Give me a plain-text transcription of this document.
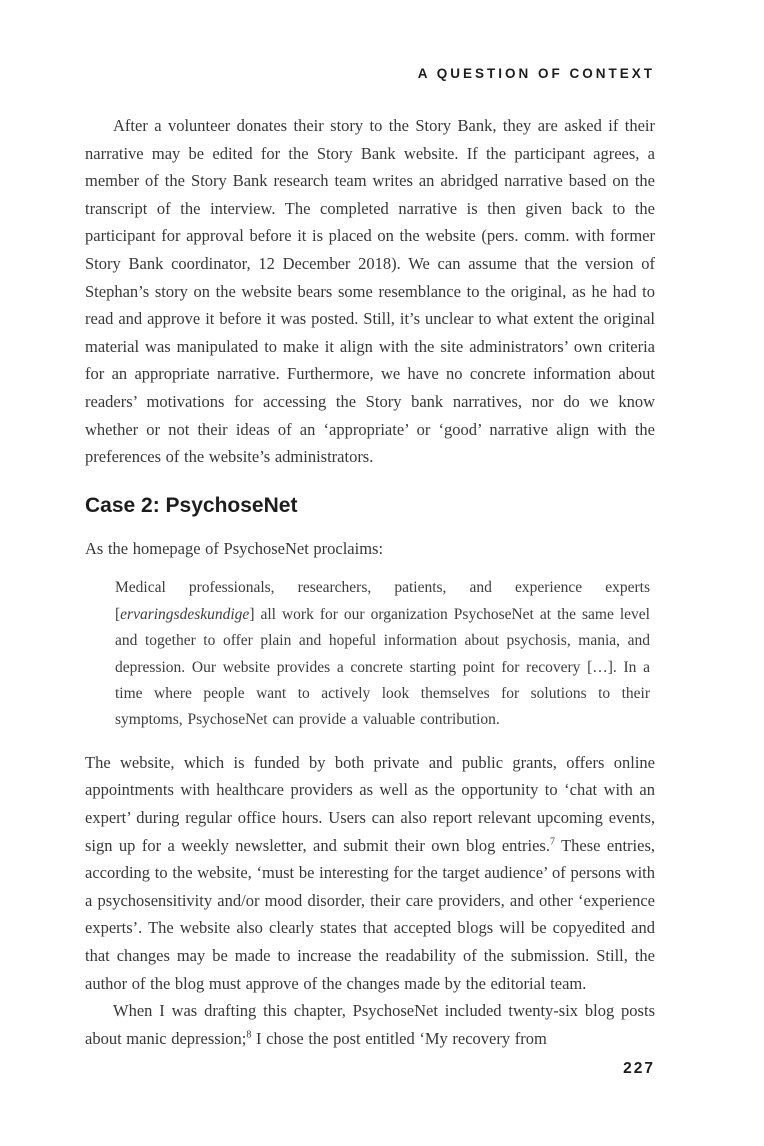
A QUESTION OF CONTEXT

After a volunteer donates their story to the Story Bank, they are asked if their narrative may be edited for the Story Bank website. If the participant agrees, a member of the Story Bank research team writes an abridged narrative based on the transcript of the interview. The completed narrative is then given back to the participant for approval before it is placed on the website (pers. comm. with former Story Bank coordinator, 12 December 2018). We can assume that the version of Stephan’s story on the website bears some resemblance to the original, as he had to read and approve it before it was posted. Still, it’s unclear to what extent the original material was manipulated to make it align with the site administrators’ own criteria for an appropriate narrative. Furthermore, we have no concrete information about readers’ motivations for accessing the Story bank narratives, nor do we know whether or not their ideas of an ‘appropriate’ or ‘good’ narrative align with the preferences of the website’s administrators.

Case 2: PsychoseNet

As the homepage of PsychoseNet proclaims:

Medical professionals, researchers, patients, and experience experts [ervaringsdeskundige] all work for our organization PsychoseNet at the same level and together to offer plain and hopeful information about psychosis, mania, and depression. Our website provides a concrete starting point for recovery […]. In a time where people want to actively look themselves for solutions to their symptoms, PsychoseNet can provide a valuable contribution.

The website, which is funded by both private and public grants, offers online appointments with healthcare providers as well as the opportunity to ‘chat with an expert’ during regular office hours. Users can also report relevant upcoming events, sign up for a weekly newsletter, and submit their own blog entries.$^7$ These entries, according to the website, ‘must be interesting for the target audience’ of persons with a psychosensitivity and/or mood disorder, their care providers, and other ‘experience experts’. The website also clearly states that accepted blogs will be copyedited and that changes may be made to increase the readability of the submission. Still, the author of the blog must approve of the changes made by the editorial team.

When I was drafting this chapter, PsychoseNet included twenty-six blog posts about manic depression;$^8$ I chose the post entitled ‘My recovery from

227
